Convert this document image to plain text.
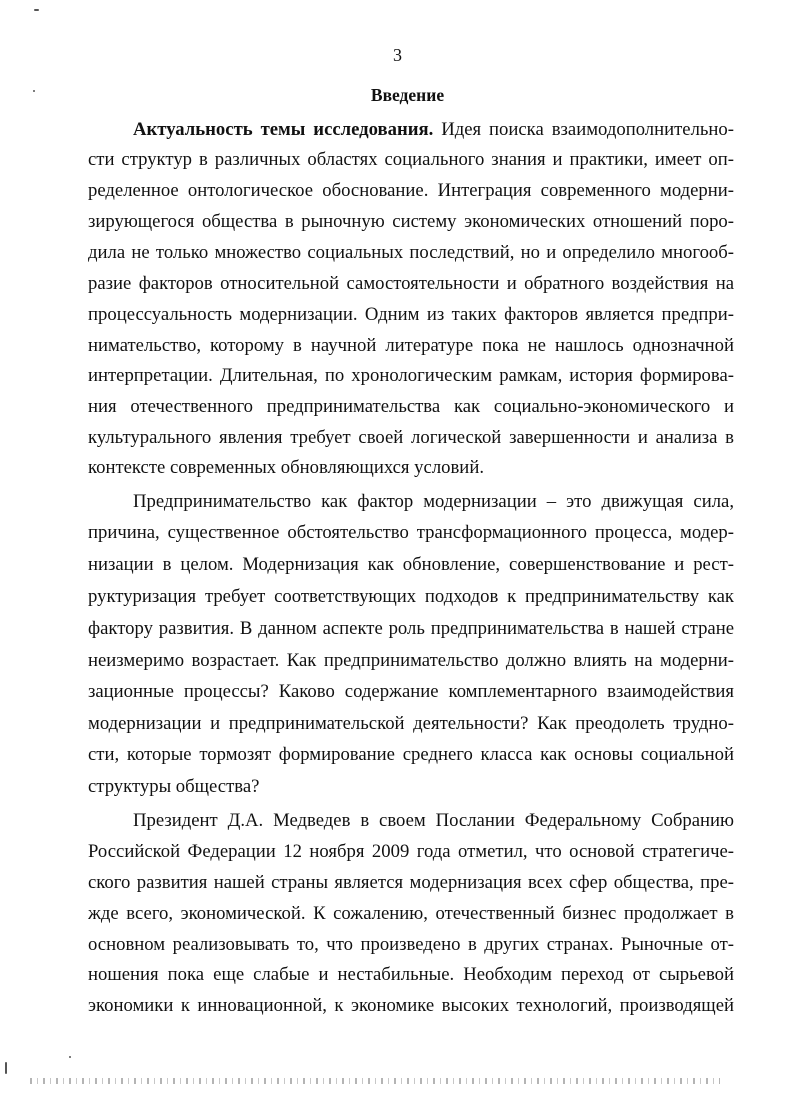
3
Введение
Актуальность темы исследования. Идея поиска взаимодополнительно-
сти структур в различных областях социального знания и практики, имеет оп-
ределенное онтологическое обоснование. Интеграция современного модерни-
зирующегося общества в рыночную систему экономических отношений поро-
дила не только множество социальных последствий, но и определило многооб-
разие факторов относительной самостоятельности и обратного воздействия на
процессуальность модернизации. Одним из таких факторов является предпри-
нимательство, которому в научной литературе пока не нашлось однозначной
интерпретации. Длительная, по хронологическим рамкам, история формирова-
ния отечественного предпринимательства как социально-экономического и
культурального явления требует своей логической завершенности и анализа в
контексте современных обновляющихся условий.
Предпринимательство как фактор модернизации – это движущая сила,
причина, существенное обстоятельство трансформационного процесса, модер-
низации в целом. Модернизация как обновление, совершенствование и рест-
руктуризация требует соответствующих подходов к предпринимательству как
фактору развития. В данном аспекте роль предпринимательства в нашей стране
неизмеримо возрастает. Как предпринимательство должно влиять на модерни-
зационные процессы? Каково содержание комплементарного взаимодействия
модернизации и предпринимательской деятельности? Как преодолеть трудно-
сти, которые тормозят формирование среднего класса как основы социальной
структуры общества?
Президент Д.А. Медведев в своем Послании Федеральному Собранию
Российской Федерации 12 ноября 2009 года отметил, что основой стратегиче-
ского развития нашей страны является модернизация всех сфер общества, пре-
жде всего, экономической. К сожалению, отечественный бизнес продолжает в
основном реализовывать то, что произведено в других странах. Рыночные от-
ношения пока еще слабые и нестабильные. Необходим переход от сырьевой
экономики к инновационной, к экономике высоких технологий, производящей
